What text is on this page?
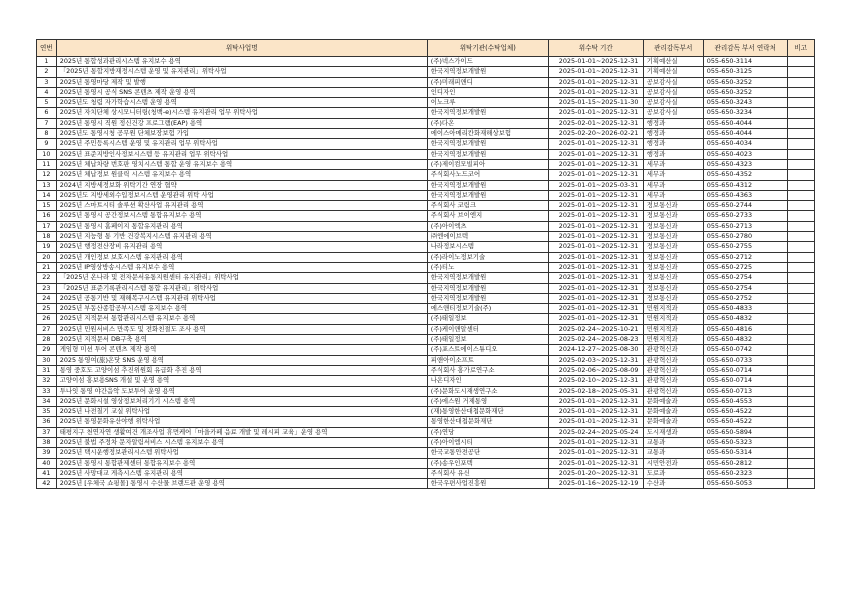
연번	위탁사업명	위탁기관(수탁업체)	위수탁 기간	관리감독부서	관리감독 부서 연락처	비고
1	2025년 통합성과관리시스템 유지보수 용역	(주)넥스가이드	2025-01-01~2025-12-31	기획예산실	055-650-3114	
2	「2025년 통합지방재정시스템 운영 및 유지관리」위탁사업	한국지역정보개발원	2025-01-01~2025-12-31	기획예산실	055-650-3125	
3	2025년 통영마당 제작 및 발행	(주)미래피앤디	2025-01-01~2025-12-31	공보감사실	055-650-3252	
4	2025년 통영시 공식 SNS 콘텐츠 제작 운영 용역	인디자인	2025-01-01~2025-12-31	공보감사실	055-650-3252	
5	2025년도 청렴 자가학습시스템 운영 용역	이노크루	2025-01-15~2025-11-30	공보감사실	055-650-3243	
6	2025년 자치단체 상시모니터링(청백-e)시스템 유지관리 업무 위탁사업	한국지역정보개발원	2025-01-01~2025-12-31	공보감사실	055-650-3234	
7	2025년 통영시 직원 정신건강 프로그램(EAP) 용역	(주)다온	2025-02-01~2025-12-31	행정과	055-650-4044	
8	2025년도 통영시청 공무원 단체보장보험 가입	에이스아메리칸화재해상보험	2025-02-20~2026-02-21	행정과	055-650-4044	
9	2025년 주민등록시스템 운영 및 유지관리 업무 위탁사업	한국지역정보개발원	2025-01-01~2025-12-31	행정과	055-650-4034	
10	2025년 표준지방인사정보시스템 등 유지관리 업무 위탁사업	한국지역정보개발원	2025-01-01~2025-12-31	행정과	055-650-4023	
11	2025년 체납차량 번호판 영치시스템 통합 운영 유지보수 용역	(주)제이컴모빌피아	2025-01-01~2025-12-31	세무과	055-650-4323	
12	2025년 체납정보 원클릭 시스템 유지보수 용역	주식회사노드코어	2025-01-01~2025-12-31	세무과	055-650-4352	
13	2024년 지방세정보화 위탁기간 연장 협약	한국지역정보개발원	2025-01-01~2025-03-31	세무과	055-650-4312	
14	2025년도 지방세외수입정보시스템 운영관리 위탁 사업	한국지역정보개발원	2025-01-01~2025-12-31	세무과	055-650-4363	
15	2025년 스마트시티 솔루션 확산사업 유지관리 용역	주식회사 코림크	2025-01-01~2025-12-31	정보통신과	055-650-2744	
16	2025년 통영시 공간정보시스템 통합유지보수 용역	주식회사 브이엔지	2025-01-01~2025-12-31	정보통신과	055-650-2733	
17	2025년 통영시 홈페이지 통합유지관리 용역	(주)아이엑츠	2025-01-01~2025-12-31	정보통신과	055-650-2713	
18	2025년 지능형 통 기반 건강복지시스템 유지관리 용역	㈜엔에이브텍	2025-01-01~2025-12-31	정보통신과	055-650-2780	
19	2025년 행정전산장비 유지관리 용역	나라정보시스템	2025-01-01~2025-12-31	정보통신과	055-650-2755	
20	2025년 개인정보 보호시스템 유지관리 용역	(주)라이노정보기술	2025-01-01~2025-12-31	정보통신과	055-650-2712	
21	2025년 IP영상방송시스템 유지보수 용역	(주)티노	2025-01-01~2025-12-31	정보통신과	055-650-2725	
22	「2025년 온나라 및 전자문서유통지원센터 유지관리」위탁사업	한국지역정보개발원	2025-01-01~2025-12-31	정보통신과	055-650-2754	
23	「2025년 표준기록관리시스템 통합 유지관리」위탁사업	한국지역정보개발원	2025-01-01~2025-12-31	정보통신과	055-650-2754	
24	2025년 공통기반 및 재해복구시스템 유지관리 위탁사업	한국지역정보개발원	2025-01-01~2025-12-31	정보통신과	055-650-2752	
25	2025년 부동산종합공부시스템 유지보수 용역	에스앤티정보기술(주)	2025-01-01~2025-12-31	민원지적과	055-650-4833	
26	2025년 지적문서 통합관리시스템 유지보수 용역	(주)태일정보	2025-01-01~2025-12-31	민원지적과	055-650-4832	
27	2025년 민원서비스 만족도 및 전화친절도 조사 용역	(주)케이앤알센터	2025-02-24~2025-10-21	민원지적과	055-650-4816	
28	2025년 지적문서 DB구축 용역	(주)태일정보	2025-02-24~2025-08-23	민원지적과	055-650-4832	
29	게임형 미션 투어 콘텐츠 제작 용역	(주)포스트에이스튜디오	2024-12-27~2025-08-30	관광혁신과	055-650-0742	
30	2025 통영여(旅)온닷 SNS 운영 용역	피앤아이소프트	2025-02-03~2025-12-31	관광혁신과	055-650-0733	
31	통영 중호도 고양이섬 추진위원회 유급화 추진 용역	주식회사 홍가로연구소	2025-02-06~2025-08-09	관광혁신과	055-650-0714	
32	고양이섬 홍보용SNS 개설 및 운영 용역	나온디자인	2025-02-10~2025-12-31	관광혁신과	055-650-0714	
33	투나잇 통영 야간음악 도보투어 운영 용역	(주)문화도시재생연구소	2025-02-18~2025-05-31	관광혁신과	055-650-0713	
34	2025년 문화시설 영상정보처리기기 시스템 용역	(주)에스원 거제통영	2025-01-01~2025-12-31	문화예술과	055-650-4553	
35	2025년 나전칠기 교실 위탁사업	(재)통영한산대첩문화재단	2025-01-01~2025-12-31	문화예술과	055-650-4522	
36	2025년 통영문화유산야행 위탁사업	통영한산대첩문화재단	2025-01-01~2025-12-31	문화예술과	055-650-4522	
37	태평지구 천연자연 생활여건 개조사업 휴먼케어「마을카페 음료 개발 및 레시피 교육」운영 용역	(주)연당	2025-02-24~2025-05-24	도시재생과	055-650-5894	
38	2025년 불법 주정차 문자알림서비스 시스템 유지보수 용역	(주)아이엠시티	2025-01-01~2025-12-31	교통과	055-650-5323	
39	2025년 택시운행정보관리시스템 위탁사업	한국교통안전공단	2025-01-01~2025-12-31	교통과	055-650-5314	
40	2025년 통영시 통합관제센터 통합유지보수 용역	(주)송우인포텍	2025-01-01~2025-12-31	시민안전과	055-650-2812	
41	2025년 사망대교 게측시스템 유지관리 용역	주식회사 유신	2025-01-20~2025-12-31	도로과	055-650-2323	
42	2025년 [우체국 쇼핑몰] 통영시 수산물 브랜드관 운영 용역	한국우편사업진흥원	2025-01-16~2025-12-19	수산과	055-650-5053	
